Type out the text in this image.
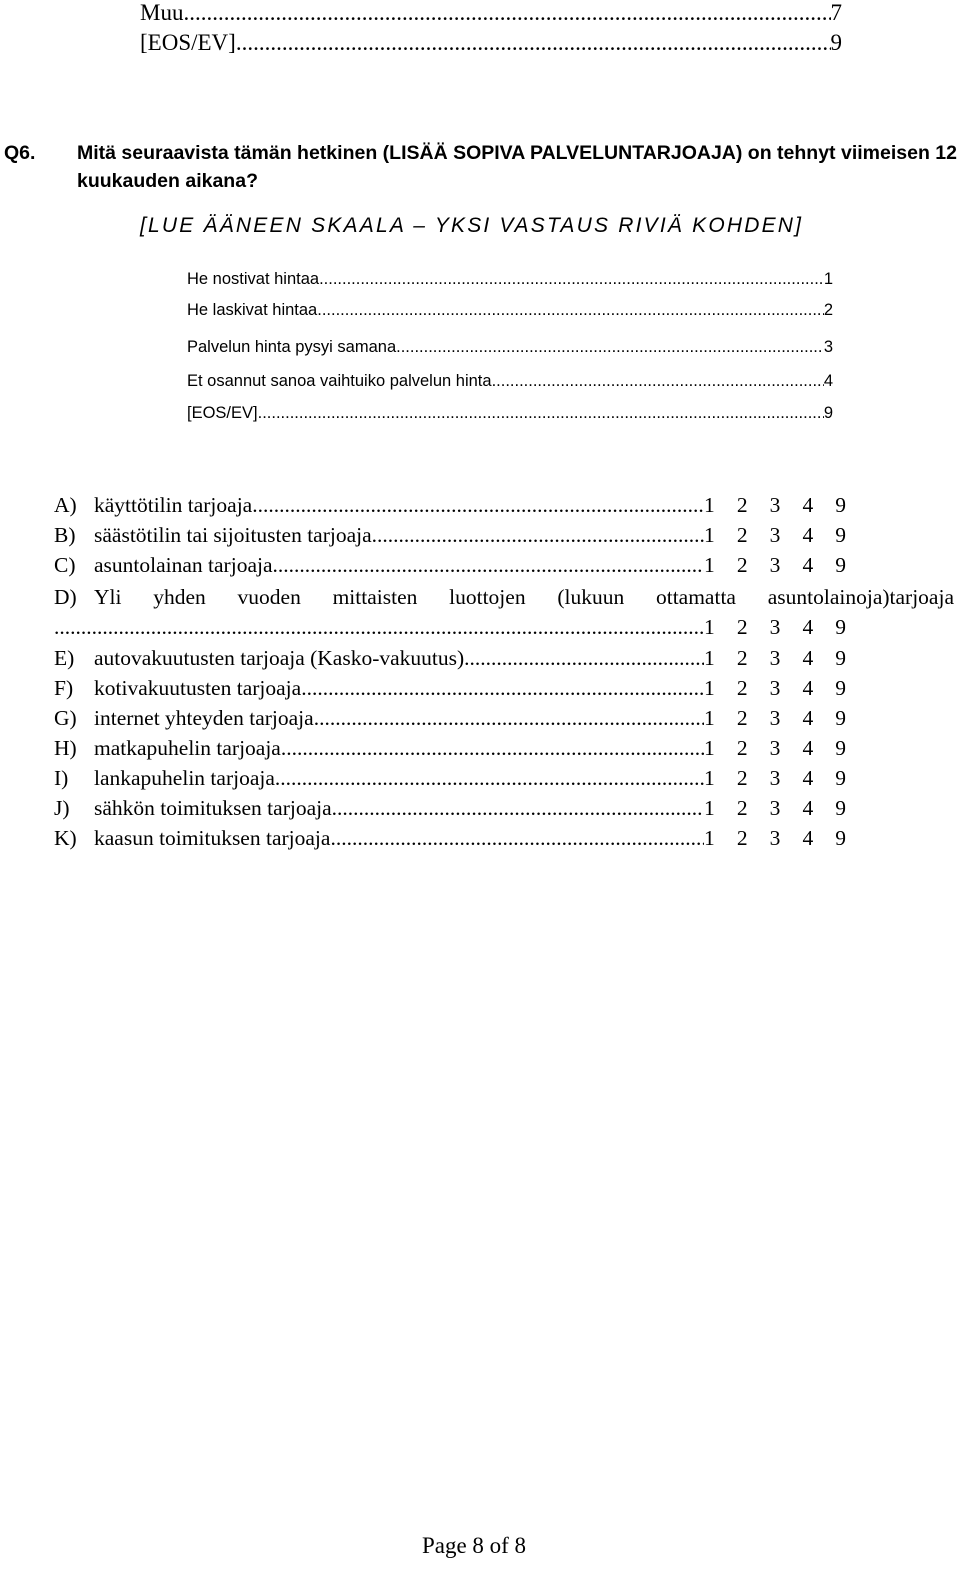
Muu .....	7
[EOS/EV] .....	9
Q6. Mitä seuraavista tämän hetkinen (LISÄÄ SOPIVA PALVELUNTARJOAJA) on tehnyt viimeisen 12 kuukauden aikana?
[LUE ÄÄNEEN SKAALA – YKSI VASTAUS RIVIÄ KOHDEN]
He nostivat hintaa .....	1
He laskivat hintaa .....	2
Palvelun hinta pysyi samana .....	3
Et osannut sanoa vaihtuiko palvelun hinta .....	4
[EOS/EV] .....	9
A) käyttötilin tarjoaja .....	1 2 3 4 9
B) säästötilin tai sijoitusten tarjoaja .....	1 2 3 4 9
C) asuntolainan tarjoaja .....	1 2 3 4 9
D) Yli yhden vuoden mittaisten luottojen (lukuun ottamatta asuntolainoja)tarjoaja
.....
1 2 3 4 9
E) autovakuutusten tarjoaja (Kasko-vakuutus) .....	1 2 3 4 9
F) kotivakuutusten tarjoaja .....	1 2 3 4 9
G) internet yhteyden tarjoaja .....	1 2 3 4 9
H) matkapuhelin tarjoaja .....	1 2 3 4 9
I)	lankapuhelin tarjoaja .....	1 2 3 4 9
J)	sähkön toimituksen tarjoaja .....	1 2 3 4 9
K) kaasun toimituksen tarjoaja .....	1 2 3 4 9
Page 8 of 8
